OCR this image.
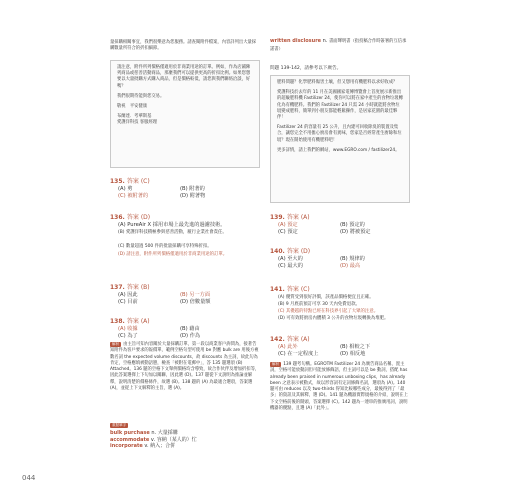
請注意，附件所列價格僅適用於非商業用途的訂單。例如，作為店鋪陳列商品或慈善活動商品，那麼我們可以提供更高的折扣比例。如果您想要以大量批購方式購入商品，但是價格較低，請您與我們聯絡洽談，好嗎？

我們很期待能與您交易。

敬祝　平安健康

布蘭達．考華斯基

愛護洋科技 客服經理

量採購相關事宜，我們很樂意為您服務。請查閱附件檔案，內容詳列出大量採購數量所符合的折扣細節。

135. 答案 (C)
(A) 剪	(B) 附著的
(C) 被附著的	(D) 附著物
136. 答案 (D)
(A) PureAir X 採用市場上最先進的過濾技術。
(B) 愛護洋科技積極參與慈善活動，履行企業社會責任。
(C) 數量超過 500 件的批量採購可享特殊折扣。
(D) 請注意，附件所列價格僅適用於非商業用途的訂單。
137. 答案 (B)
(A) 因此	(B) 另一方面
(C) 目前	(D) 倍數量額
138. 答案 (A)
(A) 收據	(B) 藉由
(C) 為了	(D) 作為
解析 由主旨可知內容關於大量採購訂單，第一段以商業客戶詢問為，接著告知附件為客戶要求的報價單，範例空格句型可使用 be 對應 bulk are 用後方複數名詞 the expected volume discounts，故 discounts 為主詞，故此句為肯定，空格應填被動語態，檢查「被附在電郵中」，答 135 題選項 (B) Attached。136 題的空格下文舉例價格均含導致，故合作伙伴及增加折扣等，因此答案選擇上下句加以關聯，因此選 (D)。137 題從下文說明為推論並解釋，說明清楚的價格條件，故選 (B)。138 題的 (A) 為最適合選項，答案選 (A)，並從上下文解釋的主旨，選 (A)。
重點單字
bulk purchase n. 大量採購
accommodate v. 容納（某人的）忙
incorporate v. 納入；合併
044
written disclosure n. 書面聲明書（指投稿合作時簽署的互信承諾書）
問題 139-142，請參考以下廣告。

肥料問題？化學肥料傷害土壤，但又想用有機肥料以求好收成？

愛護科技於去年的 11 月在美國國家電傳博覽會上首度展示新推出的超級肥料機 Fastilizer 24，使你可以將在家中產生的食物垃圾轉化為有機肥料。我們的 Fastilizer 24 只需 24 小時就能將食物垃圾變成肥料，簡單到小朋友都能輕鬆操作，是居家花園的最佳夥伴！

Fastilizer 24 的容量有 25 公升，且內建可回收除臭的裝置及集合，讓您完全不用擔心廚房會有異味，您家是否經常產生廚餘和垃圾？現在開始使用有機肥料吧！

更多詳情，請上我們的網站，www.EGRO.com / fastilizer24。

139. 答案 (A)
(A) 預定	(B) 預定的
(C) 預定	(D) 將被預定
140. 答案 (D)
(A) 至大的	(B) 規律的
(C) 最大的	(D) 最高
141. 答案 (C)
(A) 優質受到很好評價，該產品價格便宜且正確。
(B) 9 月底前預訂可享 30 天內免費退款。
(C) 其優越的特點已經在科技界引起了大眾的注意。
(D) 可有效將廚房內體積 3 公升的食物垃圾轉換為堆肥。
142. 答案 (A)
(A) 此外	(B) 相較之下
(C) 在一定程度上	(D) 相反地
解析 139 題考句構。EGROTM Fastilizer 24 為廣告商品名稱，置主詞，空格可能放動詞但可能放修飾語，但主詞可以是 be 動詞，搭配 has already been praised in numerous unboxing clips，has already been 之意表示被動式，故以形容詞有定詞修飾名詞，選項為 (A)。140 題可由 reduces 以及 two-thirds 得知比較哪些成分，最後得到了「最多」的資訊及其解釋，選 (D)。141 題為機器實際規格的介紹，說明在上下文空格前後的開頭，答案選擇 (C)。142 題為一連串的推廣用詞，說明機器的優點，且選 (A)「此外」。
